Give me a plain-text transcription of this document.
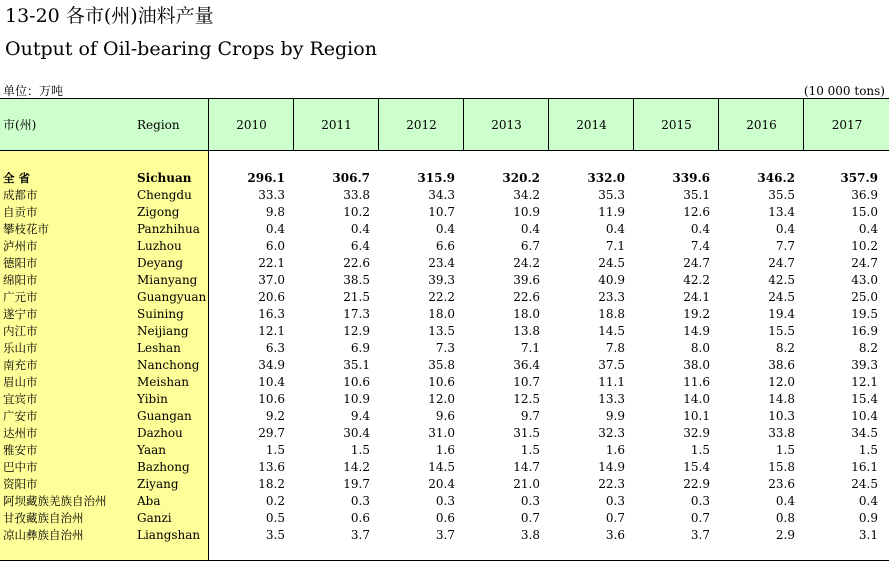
13-20 各市(州)油料产量
Output of Oil-bearing Crops by Region
单位：万吨	(10 000 tons)
市(州)	Region	2010	2011	2012	2013	2014	2015	2016	2017
全 省	Sichuan	296.1	306.7	315.9	320.2	332.0	339.6	346.2	357.9
成都市	Chengdu	33.3	33.8	34.3	34.2	35.3	35.1	35.5	36.9
自贡市	Zigong	9.8	10.2	10.7	10.9	11.9	12.6	13.4	15.0
攀枝花市	Panzhihua	0.4	0.4	0.4	0.4	0.4	0.4	0.4	0.4
泸州市	Luzhou	6.0	6.4	6.6	6.7	7.1	7.4	7.7	10.2
德阳市	Deyang	22.1	22.6	23.4	24.2	24.5	24.7	24.7	24.7
绵阳市	Mianyang	37.0	38.5	39.3	39.6	40.9	42.2	42.5	43.0
广元市	Guangyuan	20.6	21.5	22.2	22.6	23.3	24.1	24.5	25.0
遂宁市	Suining	16.3	17.3	18.0	18.0	18.8	19.2	19.4	19.5
内江市	Neijiang	12.1	12.9	13.5	13.8	14.5	14.9	15.5	16.9
乐山市	Leshan	6.3	6.9	7.3	7.1	7.8	8.0	8.2	8.2
南充市	Nanchong	34.9	35.1	35.8	36.4	37.5	38.0	38.6	39.3
眉山市	Meishan	10.4	10.6	10.6	10.7	11.1	11.6	12.0	12.1
宜宾市	Yibin	10.6	10.9	12.0	12.5	13.3	14.0	14.8	15.4
广安市	Guangan	9.2	9.4	9.6	9.7	9.9	10.1	10.3	10.4
达州市	Dazhou	29.7	30.4	31.0	31.5	32.3	32.9	33.8	34.5
雅安市	Yaan	1.5	1.5	1.6	1.5	1.6	1.5	1.5	1.5
巴中市	Bazhong	13.6	14.2	14.5	14.7	14.9	15.4	15.8	16.1
资阳市	Ziyang	18.2	19.7	20.4	21.0	22.3	22.9	23.6	24.5
阿坝藏族羌族自治州	Aba	0.2	0.3	0.3	0.3	0.3	0.3	0.4	0.4
甘孜藏族自治州	Ganzi	0.5	0.6	0.6	0.7	0.7	0.7	0.8	0.9
凉山彝族自治州	Liangshan	3.5	3.7	3.7	3.8	3.6	3.7	2.9	3.1
